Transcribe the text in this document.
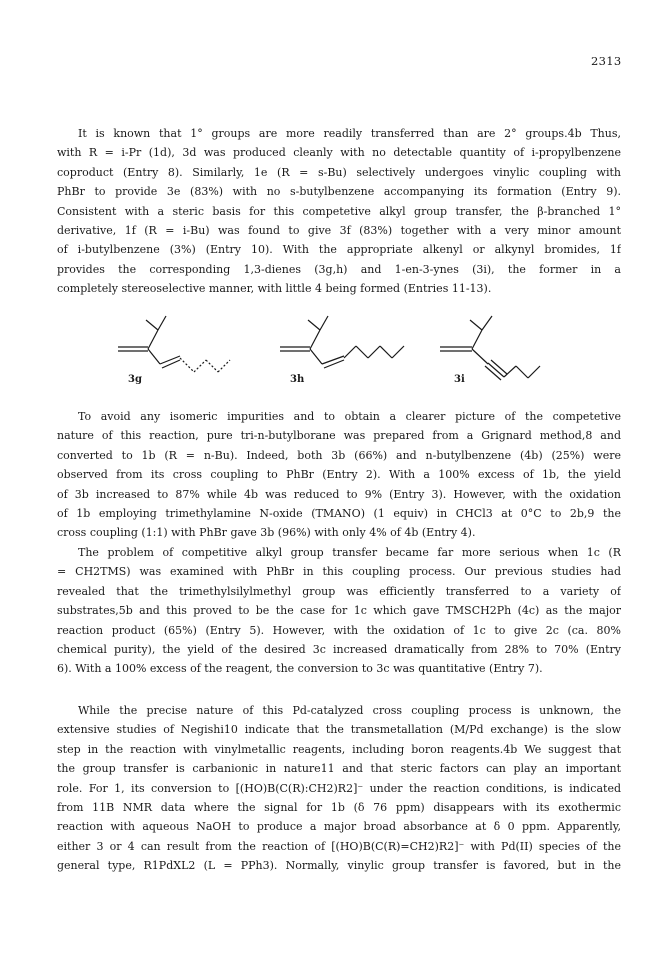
2313
It is known that 1° groups are more readily transferred than are 2° groups.4b Thus,
with R = i-Pr (1d), 3d was produced cleanly with no detectable quantity of i-propylbenzene
coproduct (Entry 8). Similarly, 1e (R = s-Bu) selectively undergoes vinylic coupling with
PhBr to provide 3e (83%) with no s-butylbenzene accompanying its formation (Entry 9).
Consistent with a steric basis for this competetive alkyl group transfer, the β-branched 1°
derivative, 1f (R = i-Bu) was found to give 3f (83%) together with a very minor amount
of i-butylbenzene (3%) (Entry 10). With the appropriate alkenyl or alkynyl bromides, 1f
provides the corresponding 1,3-dienes (3g,h) and 1-en-3-ynes (3i), the former in a
completely stereoselective manner, with little 4 being formed (Entries 11-13).
3g	3h	3i
To avoid any isomeric impurities and to obtain a clearer picture of the competetive
nature of this reaction, pure tri-n-butylborane was prepared from a Grignard method,8 and
converted to 1b (R = n-Bu). Indeed, both 3b (66%) and n-butylbenzene (4b) (25%) were
observed from its cross coupling to PhBr (Entry 2). With a 100% excess of 1b, the yield
of 3b increased to 87% while 4b was reduced to 9% (Entry 3). However, with the oxidation
of 1b employing trimethylamine N-oxide (TMANO) (1 equiv) in CHCl3 at 0°C to 2b,9 the
cross coupling (1:1) with PhBr gave 3b (96%) with only 4% of 4b (Entry 4).
The problem of competitive alkyl group transfer became far more serious when 1c (R
= CH2TMS) was examined with PhBr in this coupling process. Our previous studies had
revealed that the trimethylsilylmethyl group was efficiently transferred to a variety of
substrates,5b and this proved to be the case for 1c which gave TMSCH2Ph (4c) as the major
reaction product (65%) (Entry 5). However, with the oxidation of 1c to give 2c (ca. 80%
chemical purity), the yield of the desired 3c increased dramatically from 28% to 70% (Entry
6). With a 100% excess of the reagent, the conversion to 3c was quantitative (Entry 7).
While the precise nature of this Pd-catalyzed cross coupling process is unknown, the
extensive studies of Negishi10 indicate that the transmetallation (M/Pd exchange) is the slow
step in the reaction with vinylmetallic reagents, including boron reagents.4b We suggest that
the group transfer is carbanionic in nature11 and that steric factors can play an important
role. For 1, its conversion to [(HO)B(C(R):CH2)R2]⁻ under the reaction conditions, is indicated
from 11B NMR data where the signal for 1b (δ 76 ppm) disappears with its exothermic
reaction with aqueous NaOH to produce a major broad absorbance at δ 0 ppm. Apparently,
either 3 or 4 can result from the reaction of [(HO)B(C(R)=CH2)R2]⁻ with Pd(II) species of the
general type, R1PdXL2 (L = PPh3). Normally, vinylic group transfer is favored, but in the
